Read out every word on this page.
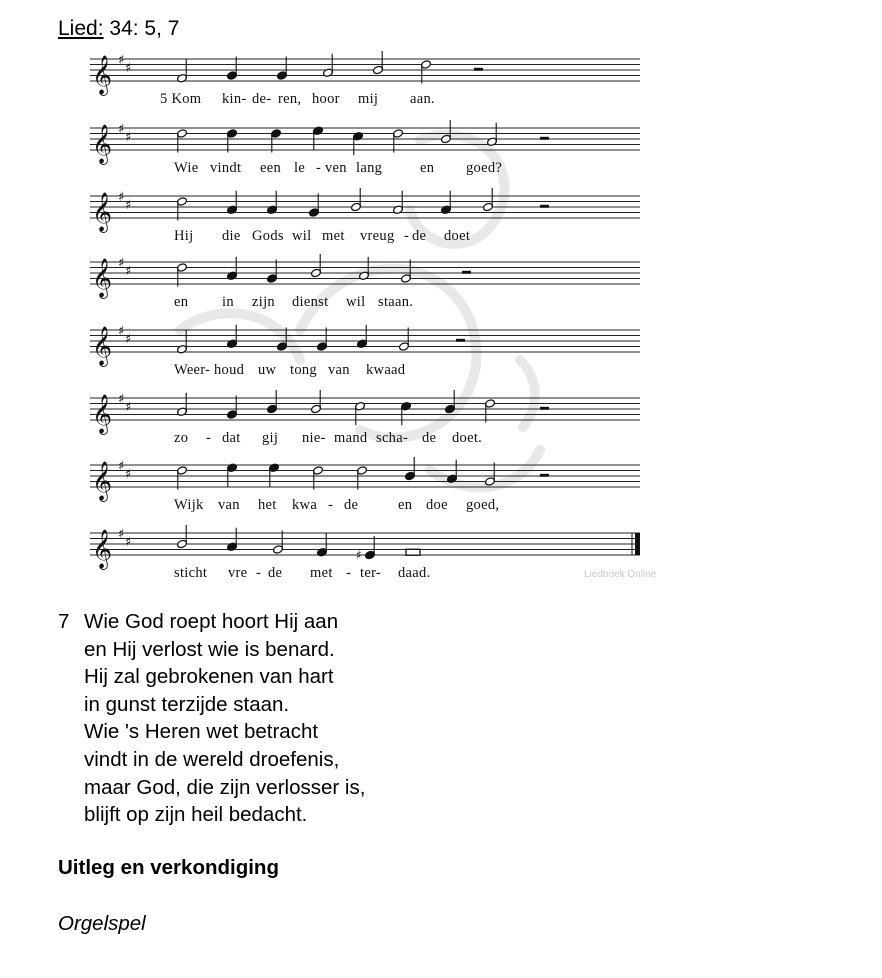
Lied: 34: 5, 7
𝄞 ♯
♯
5 Kom kin- de- ren, hoor mij aan.
𝄞 ♯
♯
Wie vindt een le - ven lang	en goed?
𝄞 ♯
♯
Hij die Gods wil met vreug - de doet
𝄞 ♯
♯
en in zijn dienst wil staan.
𝄞 ♯
♯
Weer- houd uw tong van kwaad
𝄞 ♯
♯
zo - dat gij nie- mand scha- de doet.
𝄞 ♯
♯
Wijk van het kwa - de	en doe goed,
𝄞 ♯
♯
sticht vre - de met - ter- daad.
♯
Liedboek Online
7 Wie God roept hoort Hij aan
en Hij verlost wie is benard.
Hij zal gebrokenen van hart
in gunst terzijde staan.
Wie 's Heren wet betracht
vindt in de wereld droefenis,
maar God, die zijn verlosser is,
blijft op zijn heil bedacht.
Uitleg en verkondiging
Orgelspel
